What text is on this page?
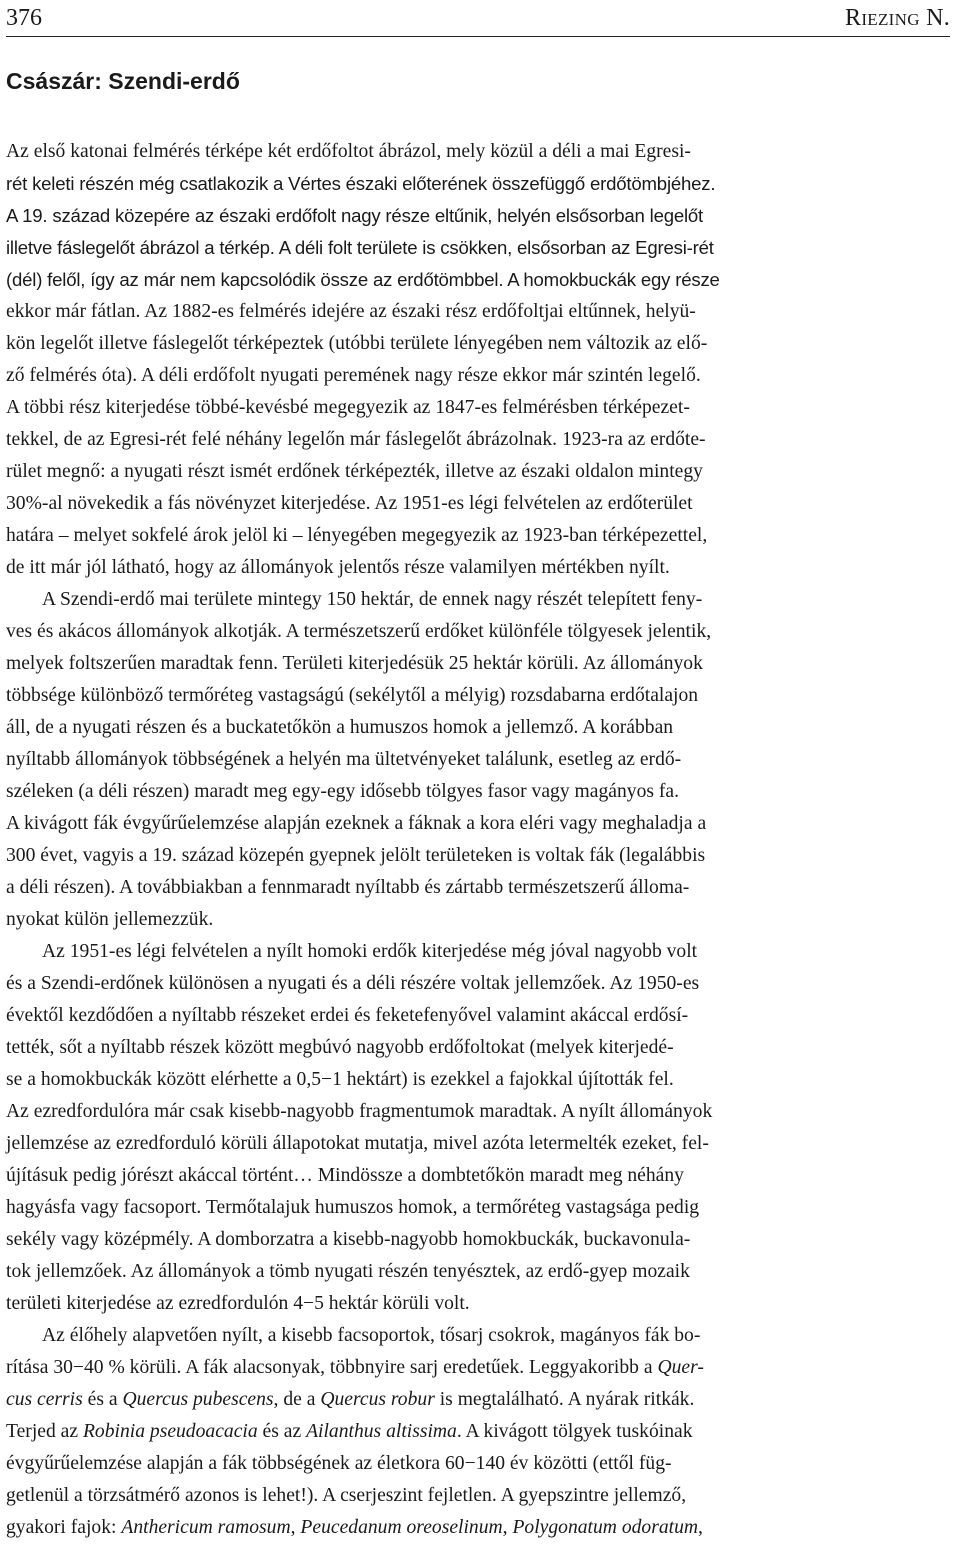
376	Riezing N.
Császár: Szendi-erdő
Az első katonai felmérés térképe két erdőfoltot ábrázol, mely közül a déli a mai Egresi-
rét keleti részén még csatlakozik a Vértes északi előterének összefüggő erdőtömbjéhez.
A 19. század közepére az északi erdőfolt nagy része eltűnik, helyén elsősorban legelőt
illetve fáslegelőt ábrázol a térkép. A déli folt területe is csökken, elsősorban az Egresi-rét
(dél) felől, így az már nem kapcsolódik össze az erdőtömbbel. A homokbuckák egy része
ekkor már fátlan. Az 1882-es felmérés idejére az északi rész erdőfoltjai eltűnnek, helyü-
kön legelőt illetve fáslegelőt térképeztek (utóbbi területe lényegében nem változik az elő-
ző felmérés óta). A déli erdőfolt nyugati peremének nagy része ekkor már szintén legelő.
A többi rész kiterjedése többé-kevésbé megegyezik az 1847-es felmérésben térképezet-
tekkel, de az Egresi-rét felé néhány legelőn már fáslegelőt ábrázolnak. 1923-ra az erdőte-
rület megnő: a nyugati részt ismét erdőnek térképezték, illetve az északi oldalon mintegy
30%-al növekedik a fás növényzet kiterjedése. Az 1951-es légi felvételen az erdőterület
határa – melyet sokfelé árok jelöl ki – lényegében megegyezik az 1923-ban térképezettel,
de itt már jól látható, hogy az állományok jelentős része valamilyen mértékben nyílt.
A Szendi-erdő mai területe mintegy 150 hektár, de ennek nagy részét telepített feny-
ves és akácos állományok alkotják. A természetszerű erdőket különféle tölgyesek jelentik,
melyek foltszerűen maradtak fenn. Területi kiterjedésük 25 hektár körüli. Az állományok
többsége különböző termőréteg vastagságú (sekélytől a mélyig) rozsdabarna erdőtalajon
áll, de a nyugati részen és a buckatetőkön a humuszos homok a jellemző. A korábban
nyíltabb állományok többségének a helyén ma ültetvényeket találunk, esetleg az erdő-
széleken (a déli részen) maradt meg egy-egy idősebb tölgyes fasor vagy magányos fa.
A kivágott fák évgyűrűelemzése alapján ezeknek a fáknak a kora eléri vagy meghaladja a
300 évet, vagyis a 19. század közepén gyepnek jelölt területeken is voltak fák (legalábbis
a déli részen). A továbbiakban a fennmaradt nyíltabb és zártabb természetszerű álloma-
nyokat külön jellemezzük.
Az 1951-es légi felvételen a nyílt homoki erdők kiterjedése még jóval nagyobb volt
és a Szendi-erdőnek különösen a nyugati és a déli részére voltak jellemzőek. Az 1950-es
évektől kezdődően a nyíltabb részeket erdei és feketefenyővel valamint akáccal erdősí-
tették, sőt a nyíltabb részek között megbúvó nagyobb erdőfoltokat (melyek kiterjedé-
se a homokbuckák között elérhette a 0,5−1 hektárt) is ezekkel a fajokkal újították fel.
Az ezredfordulóra már csak kisebb-nagyobb fragmentumok maradtak. A nyílt állományok
jellemzése az ezredforduló körüli állapotokat mutatja, mivel azóta letermelték ezeket, fel-
újításuk pedig jórészt akáccal történt… Mindössze a dombtetőkön maradt meg néhány
hagyásfa vagy facsoport. Termőtalajuk humuszos homok, a termőréteg vastagsága pedig
sekély vagy középmély. A domborzatra a kisebb-nagyobb homokbuckák, buckavonula-
tok jellemzőek. Az állományok a tömb nyugati részén tenyésztek, az erdő-gyep mozaik
területi kiterjedése az ezredfordulón 4−5 hektár körüli volt.
Az élőhely alapvetően nyílt, a kisebb facsoportok, tősarj csokrok, magányos fák bo-
rítása 30−40 % körüli. A fák alacsonyak, többnyire sarj eredetűek. Leggyakoribb a Quer-
cus cerris és a Quercus pubescens, de a Quercus robur is megtalálható. A nyárak ritkák.
Terjed az Robinia pseudoacacia és az Ailanthus altissima. A kivágott tölgyek tuskóinak
évgyűrűelemzése alapján a fák többségének az életkora 60−140 év közötti (ettől füg-
getlenül a törzsátmérő azonos is lehet!). A cserjeszint fejletlen. A gyepszintre jellemző,
gyakori fajok: Anthericum ramosum, Peucedanum oreoselinum, Polygonatum odoratum,
